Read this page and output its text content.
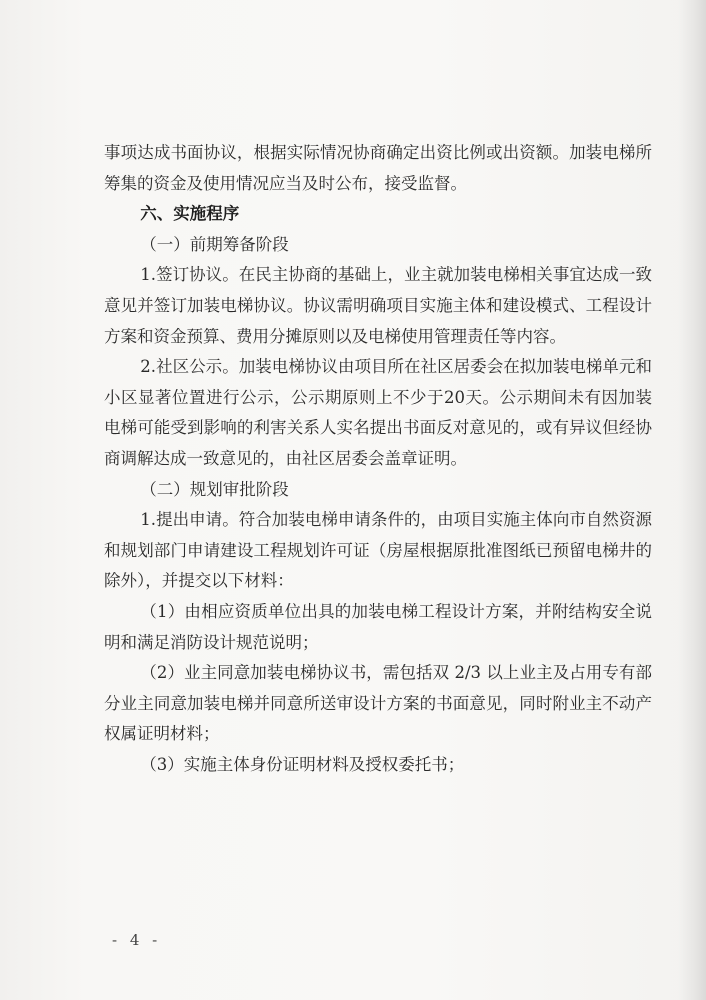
事项达成书面协议，根据实际情况协商确定出资比例或出资额。加装电梯所筹集的资金及使用情况应当及时公布，接受监督。

六、实施程序

（一）前期筹备阶段

1.签订协议。在民主协商的基础上，业主就加装电梯相关事宜达成一致意见并签订加装电梯协议。协议需明确项目实施主体和建设模式、工程设计方案和资金预算、费用分摊原则以及电梯使用管理责任等内容。

2.社区公示。加装电梯协议由项目所在社区居委会在拟加装电梯单元和小区显著位置进行公示，公示期原则上不少于20天。公示期间未有因加装电梯可能受到影响的利害关系人实名提出书面反对意见的，或有异议但经协商调解达成一致意见的，由社区居委会盖章证明。

（二）规划审批阶段

1.提出申请。符合加装电梯申请条件的，由项目实施主体向市自然资源和规划部门申请建设工程规划许可证（房屋根据原批准图纸已预留电梯井的除外），并提交以下材料：

（1）由相应资质单位出具的加装电梯工程设计方案，并附结构安全说明和满足消防设计规范说明；

（2）业主同意加装电梯协议书，需包括双 2/3 以上业主及占用专有部分业主同意加装电梯并同意所送审设计方案的书面意见，同时附业主不动产权属证明材料；

（3）实施主体身份证明材料及授权委托书；

- 4 -
